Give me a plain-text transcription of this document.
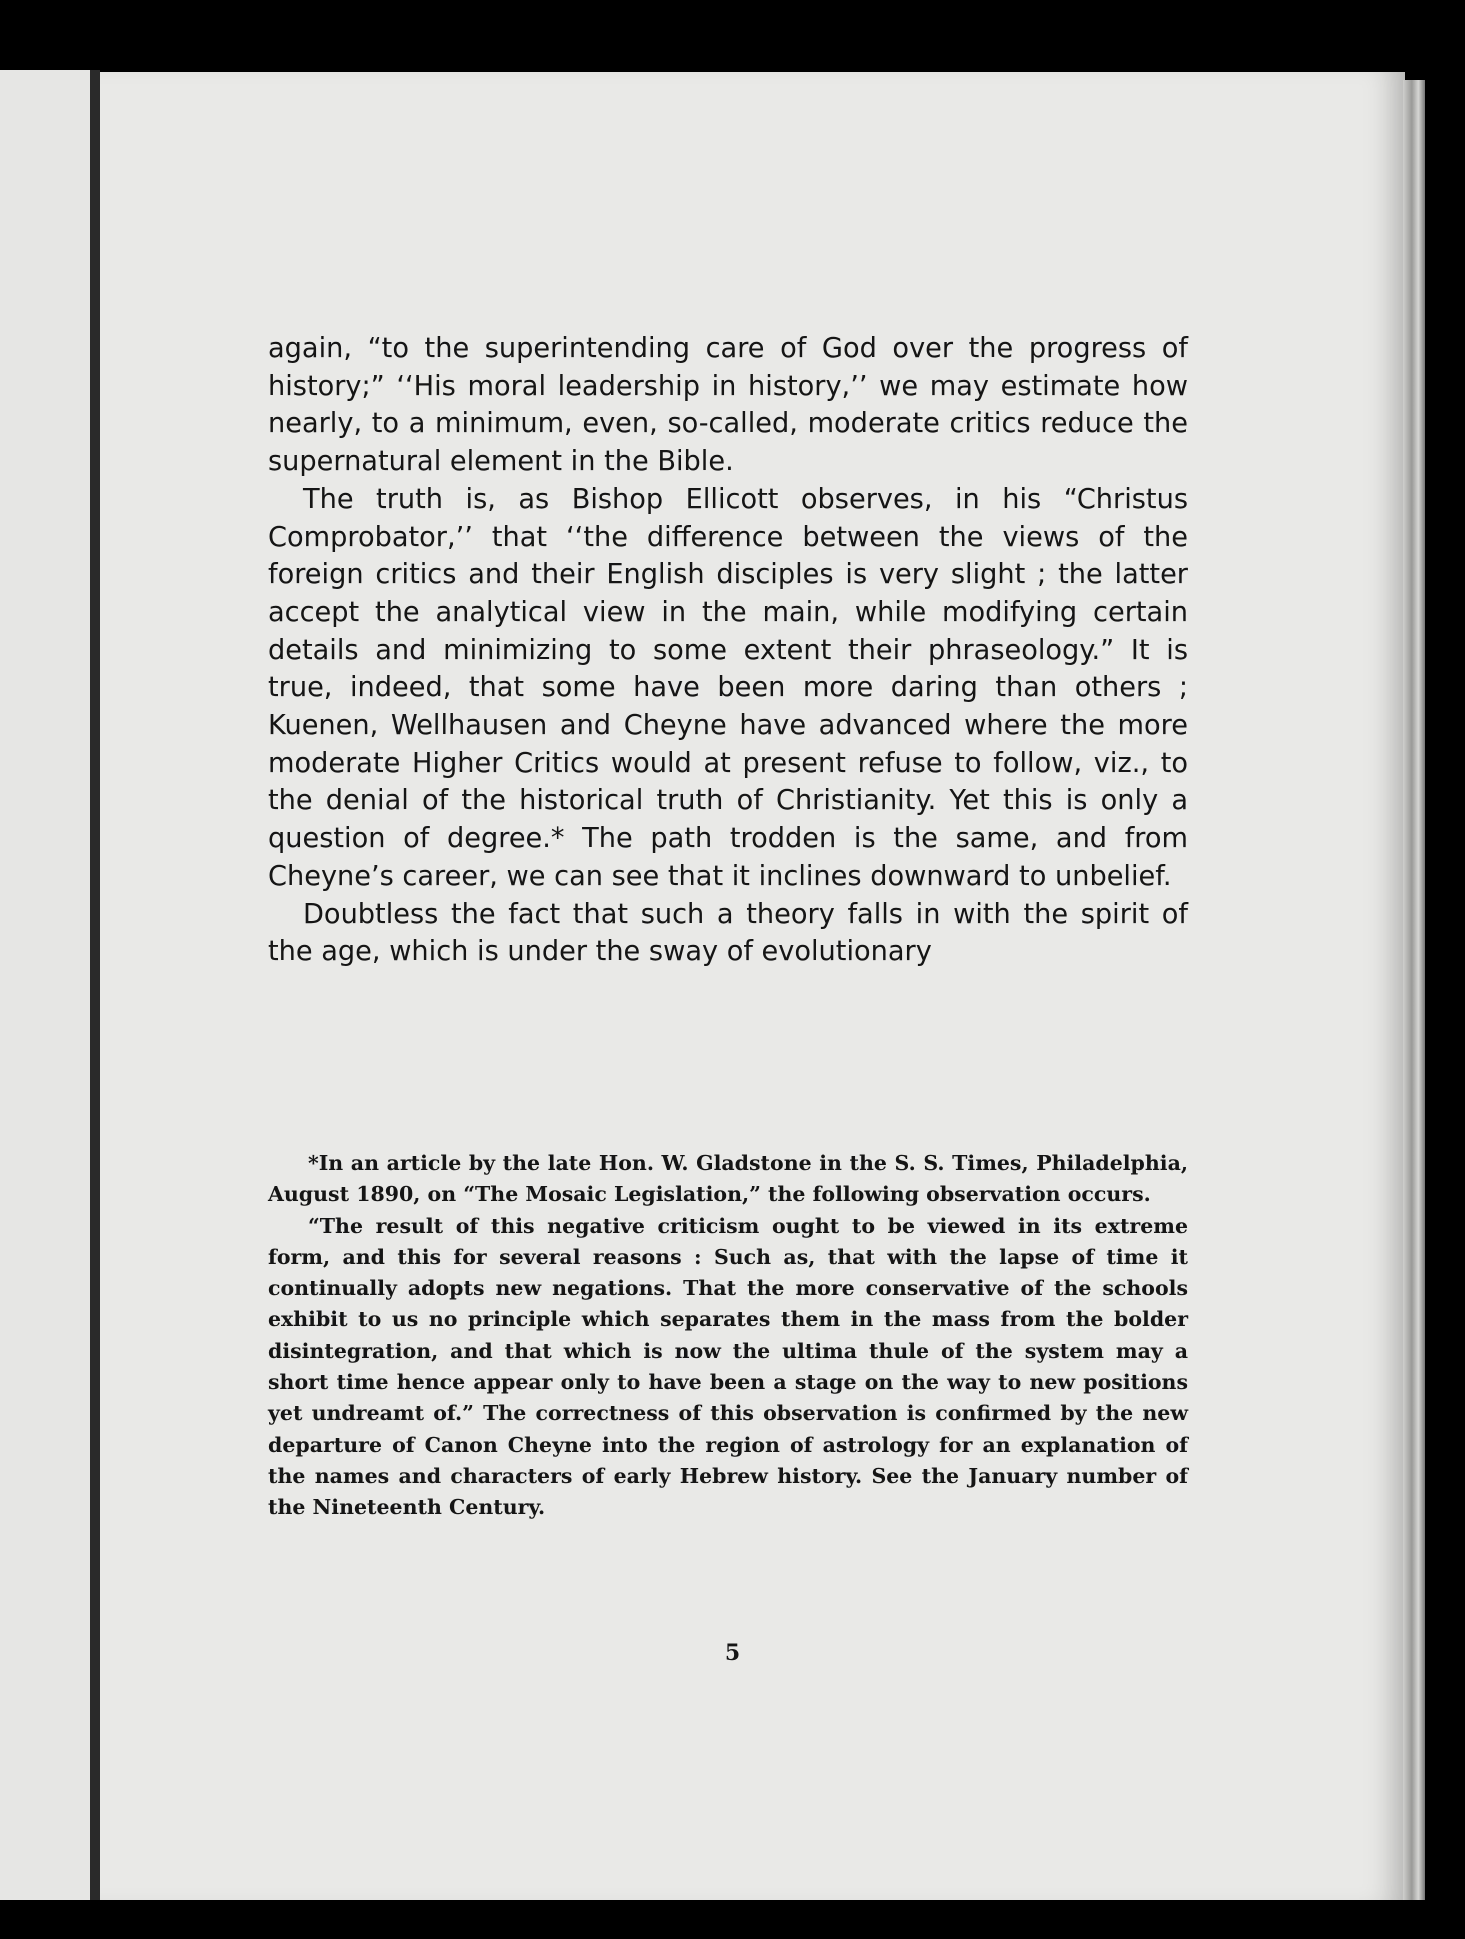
again, “to the superintending care of God over the progress of history;” ‘‘His moral leadership in history,’’ we may estimate how nearly, to a minimum, even, so-called, moderate critics reduce the supernatural element in the Bible.

The truth is, as Bishop Ellicott observes, in his “Christus Comprobator,’’ that ‘‘the difference between the views of the foreign critics and their English disciples is very slight ; the latter accept the analytical view in the main, while modifying certain details and minimizing to some extent their phraseology.” It is true, indeed, that some have been more daring than others ; Kuenen, Wellhausen and Cheyne have advanced where the more moderate Higher Critics would at present refuse to follow, viz., to the denial of the historical truth of Christianity. Yet this is only a question of degree.* The path trodden is the same, and from Cheyne’s career, we can see that it inclines downward to unbelief.

Doubtless the fact that such a theory falls in with the spirit of the age, which is under the sway of evolutionary

*In an article by the late Hon. W. Gladstone in the S. S. Times, Philadelphia, August 1890, on “The Mosaic Legislation,” the following observation occurs.

“The result of this negative criticism ought to be viewed in its extreme form, and this for several reasons : Such as, that with the lapse of time it continually adopts new negations. That the more conservative of the schools exhibit to us no principle which separates them in the mass from the bolder disintegration, and that which is now the ultima thule of the system may a short time hence appear only to have been a stage on the way to new positions yet undreamt of.” The correctness of this observation is confirmed by the new departure of Canon Cheyne into the region of astrology for an explanation of the names and characters of early Hebrew history. See the January number of the Nineteenth Century.

5
